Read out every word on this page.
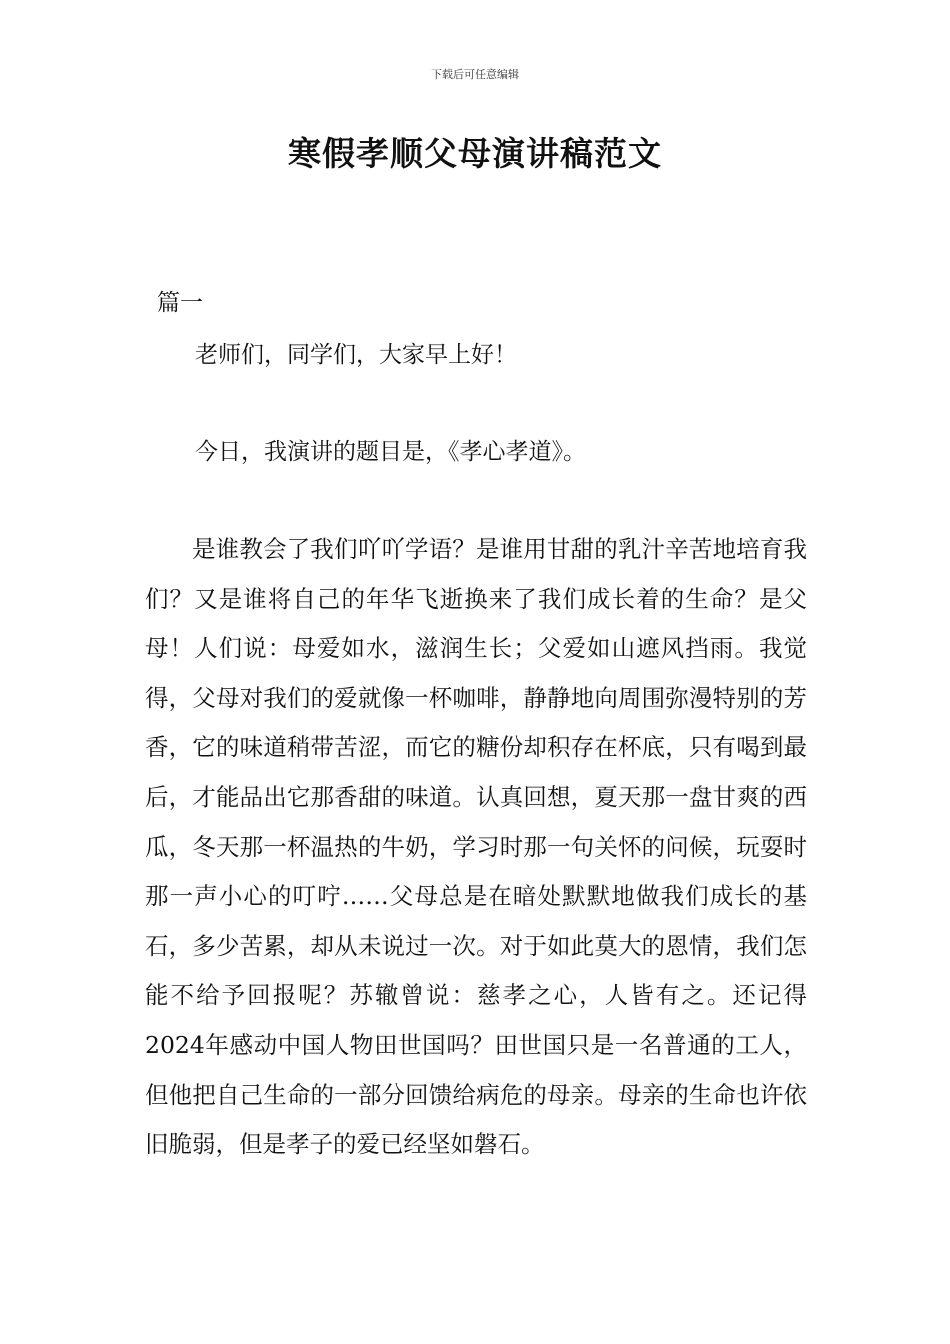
下载后可任意编辑
寒假孝顺父母演讲稿范文
篇一
老师们，同学们，大家早上好！
今日，我演讲的题目是，《孝心孝道》。

是谁教会了我们吖吖学语？是谁用甘甜的乳汁辛苦地培育我们？又是谁将自己的年华飞逝换来了我们成长着的生命？是父母！人们说：母爱如水，滋润生长；父爱如山遮风挡雨。我觉得，父母对我们的爱就像一杯咖啡，静静地向周围弥漫特别的芳香，它的味道稍带苦涩，而它的糖份却积存在杯底，只有喝到最后，才能品出它那香甜的味道。认真回想，夏天那一盘甘爽的西瓜，冬天那一杯温热的牛奶，学习时那一句关怀的问候，玩耍时那一声小心的叮咛……父母总是在暗处默默地做我们成长的基石，多少苦累，却从未说过一次。对于如此莫大的恩情，我们怎能不给予回报呢？苏辙曾说：慈孝之心，人皆有之。还记得2024年感动中国人物田世国吗？田世国只是一名普通的工人，但他把自己生命的一部分回馈给病危的母亲。母亲的生命也许依旧脆弱，但是孝子的爱已经坚如磐石。
